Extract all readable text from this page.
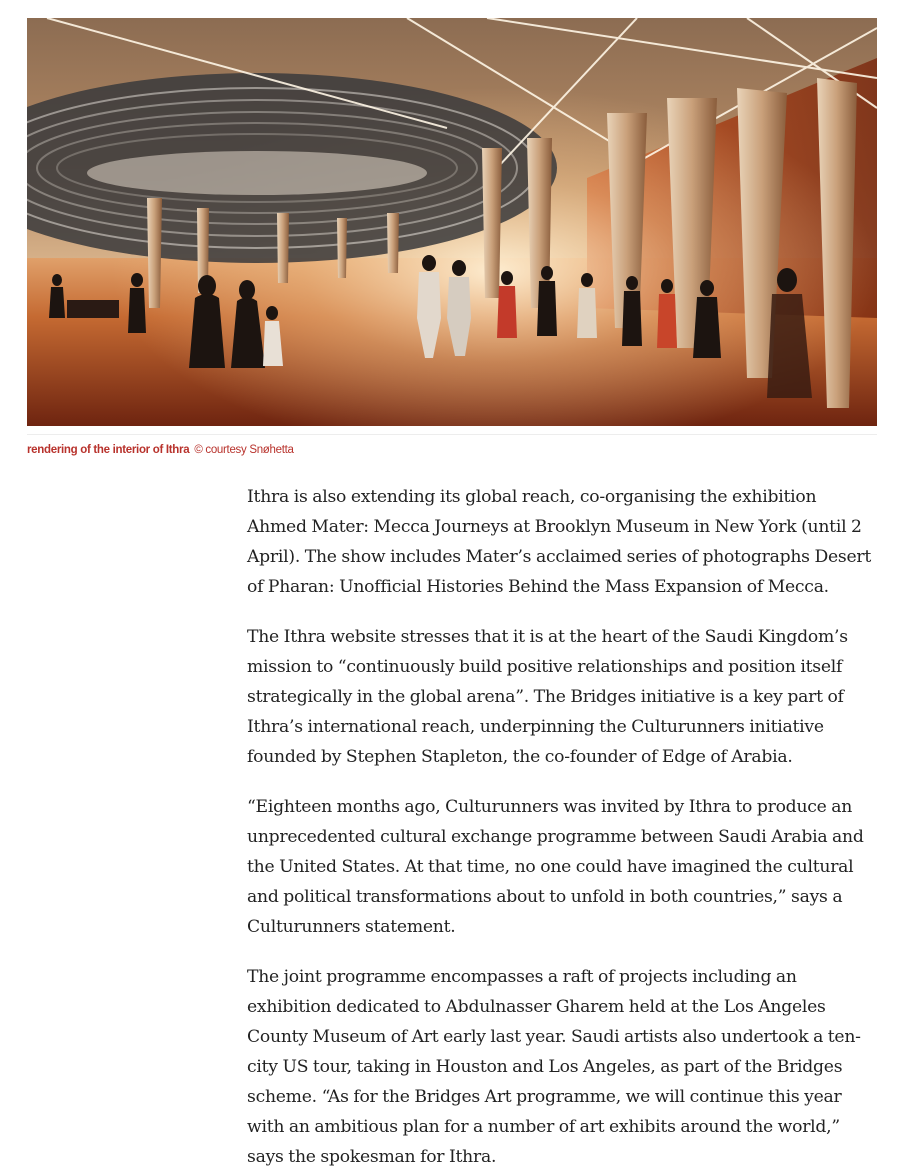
rendering of the interior of Ithra © courtesy Snøhetta

Ithra is also extending its global reach, co-organising the exhibition Ahmed Mater: Mecca Journeys at Brooklyn Museum in New York (until 2 April). The show includes Mater’s acclaimed series of photographs Desert of Pharan: Unofficial Histories Behind the Mass Expansion of Mecca.

The Ithra website stresses that it is at the heart of the Saudi Kingdom’s mission to “continuously build positive relationships and position itself strategically in the global arena”. The Bridges initiative is a key part of Ithra’s international reach, underpinning the Culturunners initiative founded by Stephen Stapleton, the co-founder of Edge of Arabia.

“Eighteen months ago, Culturunners was invited by Ithra to produce an unprecedented cultural exchange programme between Saudi Arabia and the United States. At that time, no one could have imagined the cultural and political transformations about to unfold in both countries,” says a Culturunners statement.

The joint programme encompasses a raft of projects including an exhibition dedicated to Abdulnasser Gharem held at the Los Angeles County Museum of Art early last year. Saudi artists also undertook a ten-city US tour, taking in Houston and Los Angeles, as part of the Bridges scheme. “As for the Bridges Art programme, we will continue this year with an ambitious plan for a number of art exhibits around the world,” says the spokesman for Ithra.
